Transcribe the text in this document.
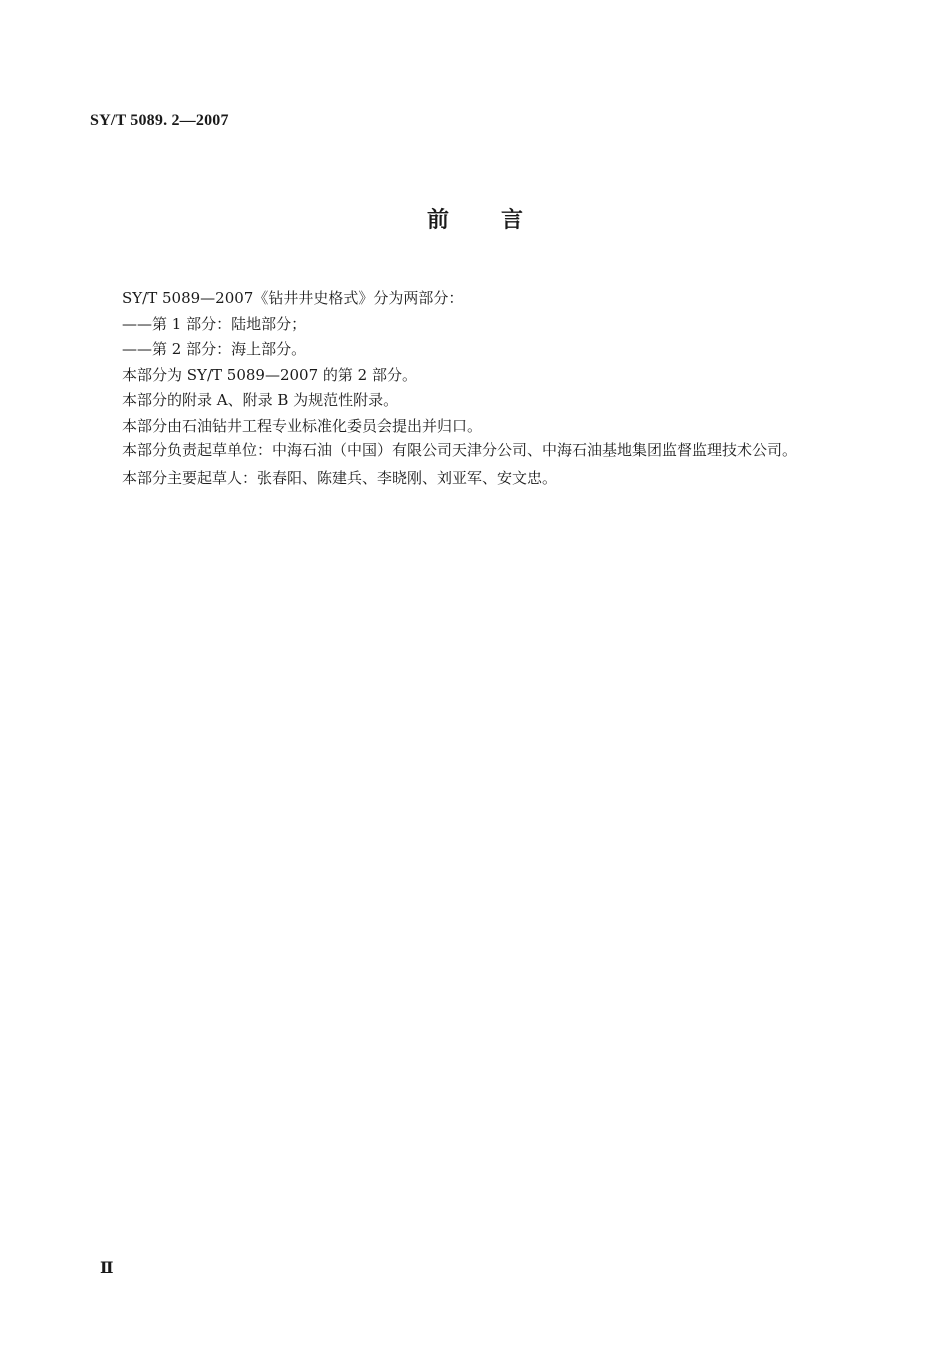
SY/T 5089. 2—2007
前 言

SY/T 5089—2007《钻井井史格式》分为两部分：

——第 1 部分：陆地部分；

——第 2 部分：海上部分。

本部分为 SY/T 5089—2007 的第 2 部分。

本部分的附录 A、附录 B 为规范性附录。

本部分由石油钻井工程专业标准化委员会提出并归口。

本部分负责起草单位：中海石油（中国）有限公司天津分公司、中海石油基地集团监督监理技术公司。

本部分主要起草人：张春阳、陈建兵、李晓刚、刘亚军、安文忠。

Ⅱ
